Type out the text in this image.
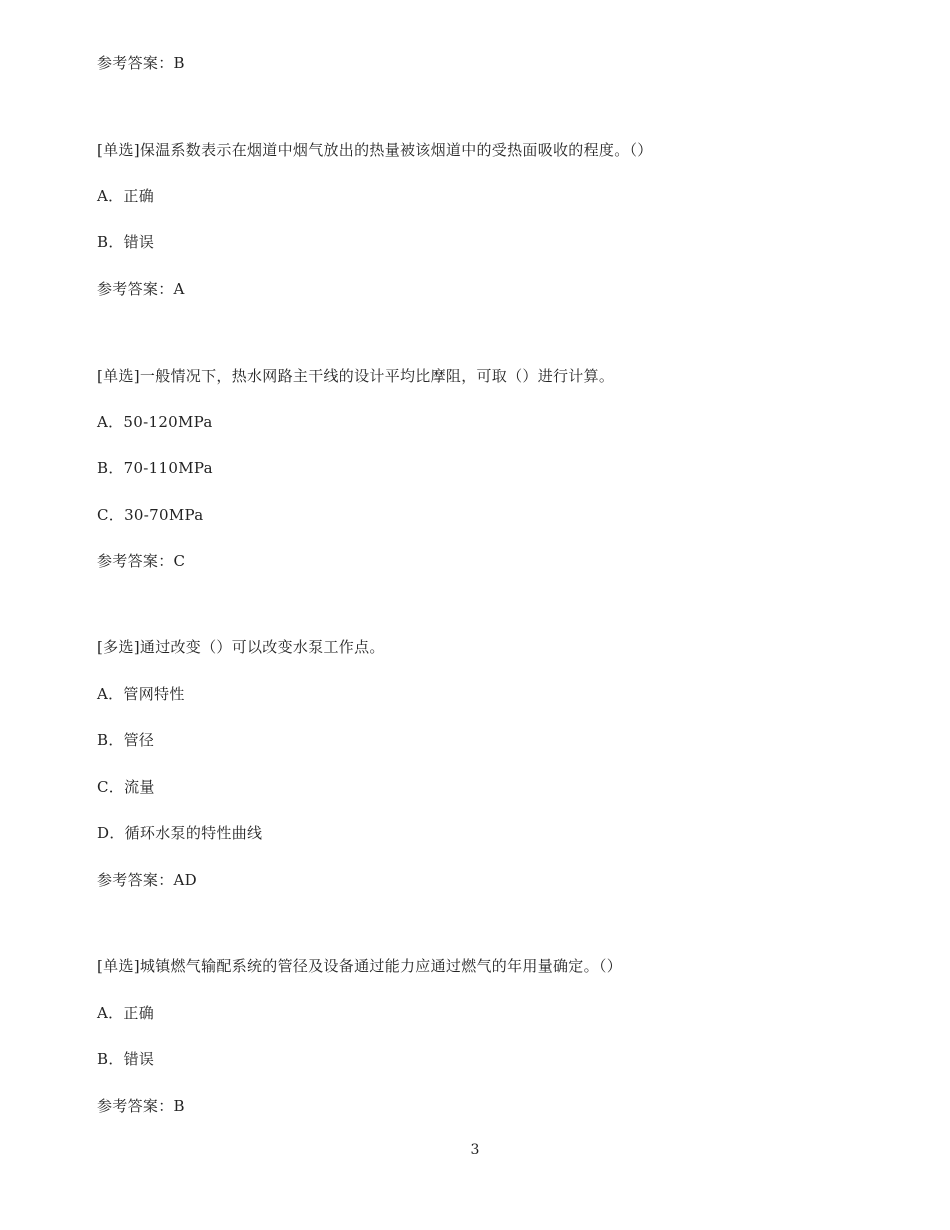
参考答案：B
[单选]保温系数表示在烟道中烟气放出的热量被该烟道中的受热面吸收的程度。（）
A．正确
B．错误
参考答案：A
[单选]一般情况下，热水网路主干线的设计平均比摩阻，可取（）进行计算。
A．50-120MPa
B．70-110MPa
C．30-70MPa
参考答案：C
[多选]通过改变（）可以改变水泵工作点。
A．管网特性
B．管径
C．流量
D．循环水泵的特性曲线
参考答案：AD
[单选]城镇燃气输配系统的管径及设备通过能力应通过燃气的年用量确定。（）
A．正确
B．错误
参考答案：B
3
